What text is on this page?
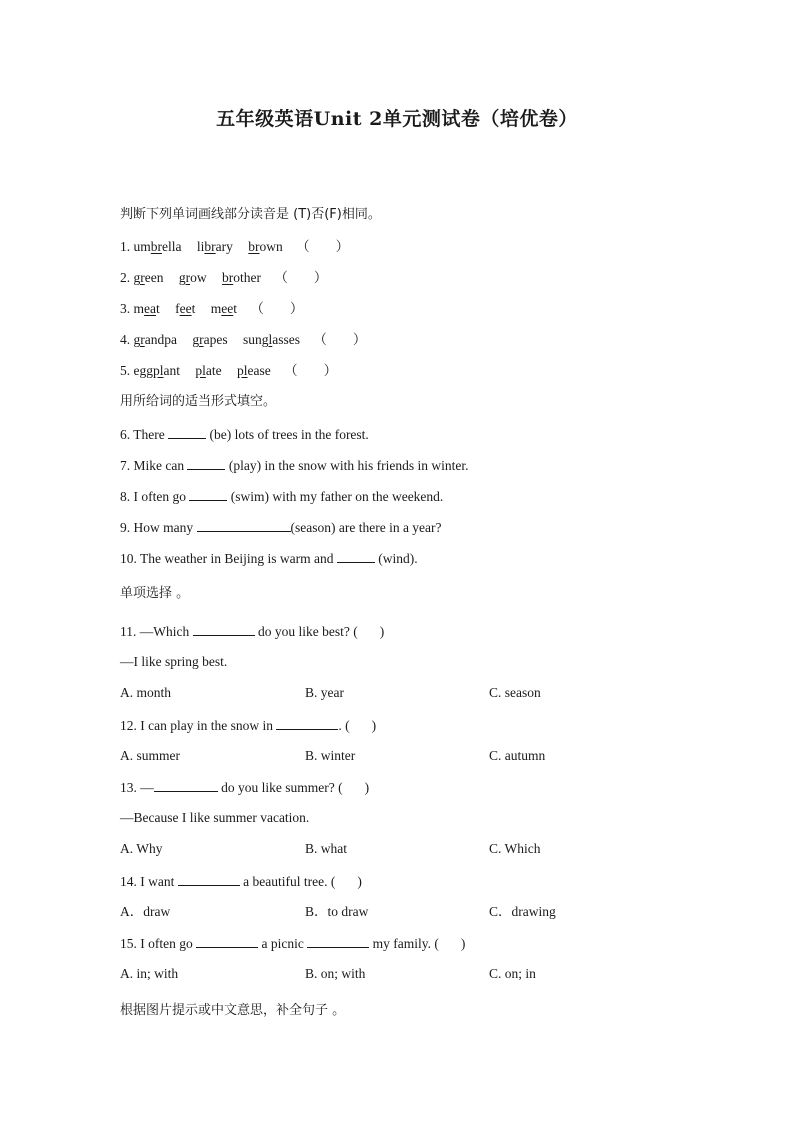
五年级英语Unit 2单元测试卷（培优卷）
判断下列单词画线部分读音是 (T)否(F)相同。
1. umbrella library brown （ ）
2. green grow brother （ ）
3. meat feet meet （ ）
4. grandpa grapes sunglasses （ ）
5. eggplant plate please （ ）
用所给词的适当形式填空。
6. There	(be) lots of trees in the forest.
7. Mike can	(play) in the snow with his friends in winter.
8. I often go	(swim) with my father on the weekend.
9. How many	(season) are there in a year?
10. The weather in Beijing is warm and	(wind).
单项选择 。
11. —Which	do you like best? ( )
—I like spring best.
A. month	B. year	C. season
12. I can play in the snow in	. ( )
A. summer	B. winter	C. autumn
13. —	do you like summer? ( )
—Because I like summer vacation.
A. Why	B. what	C. Which
14. I want	a beautiful tree. ( )
A．draw	B．to draw	C．drawing
15. I often go	a picnic	my family. ( )
A. in; with	B. on; with	C. on; in
根据图片提示或中文意思，补全句子 。
